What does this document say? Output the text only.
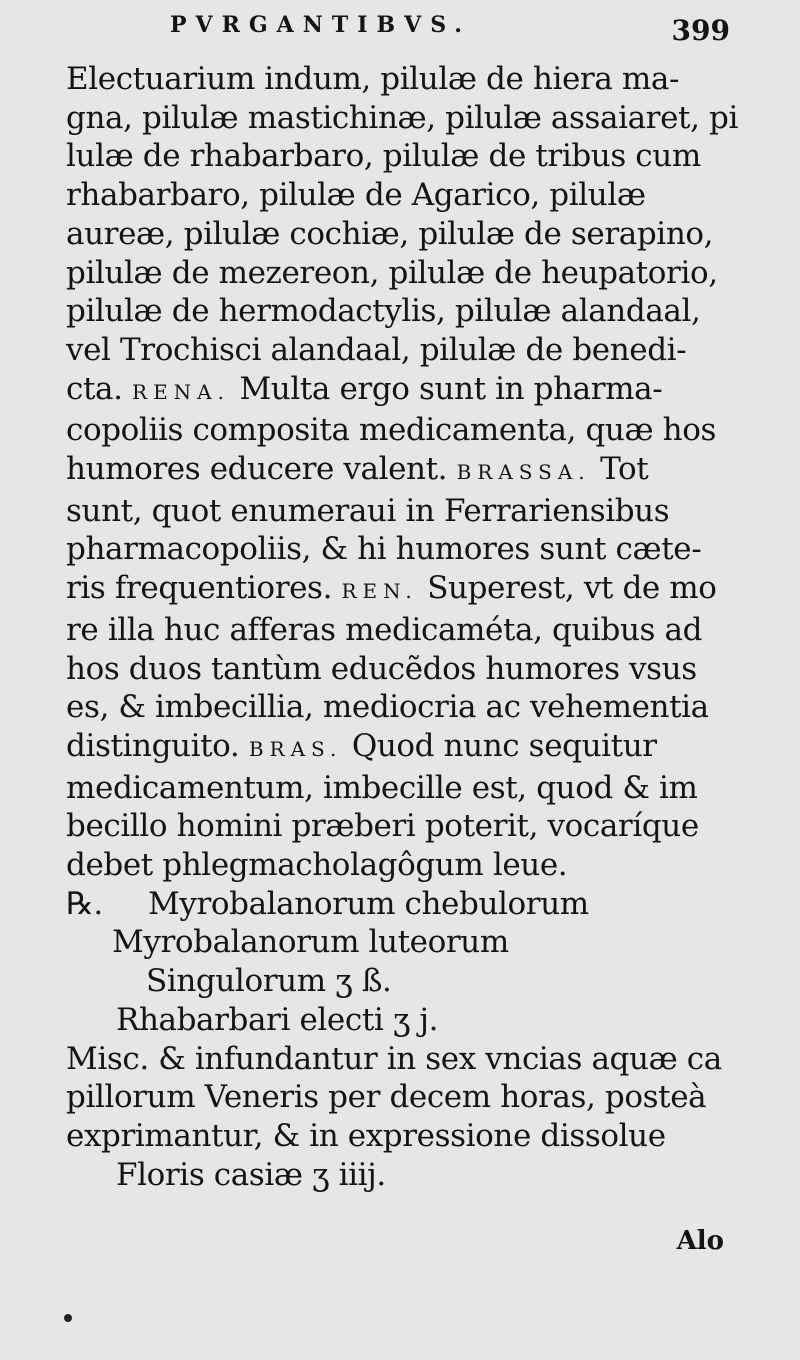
PVRGANTIBVS.	399
Electuarium indum, pilulæ de hiera ma-
gna, pilulæ mastichinæ, pilulæ assaiaret, pi
lulæ de rhabarbaro, pilulæ de tribus cum
rhabarbaro, pilulæ de Agarico, pilulæ
aureæ, pilulæ cochiæ, pilulæ de serapino,
pilulæ de mezereon, pilulæ de heupatorio,
pilulæ de hermodactylis, pilulæ alandaal,
vel Trochisci alandaal, pilulæ de benedi-
cta. RENA. Multa ergo sunt in pharma-
copoliis composita medicamenta, quæ hos
humores educere valent. BRASSA. Tot
sunt, quot enumeraui in Ferrariensibus
pharmacopoliis, & hi humores sunt cæte-
ris frequentiores. REN. Superest, vt de mo
re illa huc afferas medicaméta, quibus ad
hos duos tantùm educẽdos humores vsus
es, & imbecillia, mediocria ac vehementia
distinguito. BRAS. Quod nunc sequitur
medicamentum, imbecille est, quod & im
becillo homini præberi poterit, vocaríque
debet phlegmacholagôgum leue.
℞. Myrobalanorum chebulorum
Myrobalanorum luteorum
Singulorum ʒ ß.
Rhabarbari electi ʒ j.
Misc. & infundantur in sex vncias aquæ ca
pillorum Veneris per decem horas, posteà
exprimantur, & in expressione dissolue
Floris casiæ ʒ iiij.
Alo
